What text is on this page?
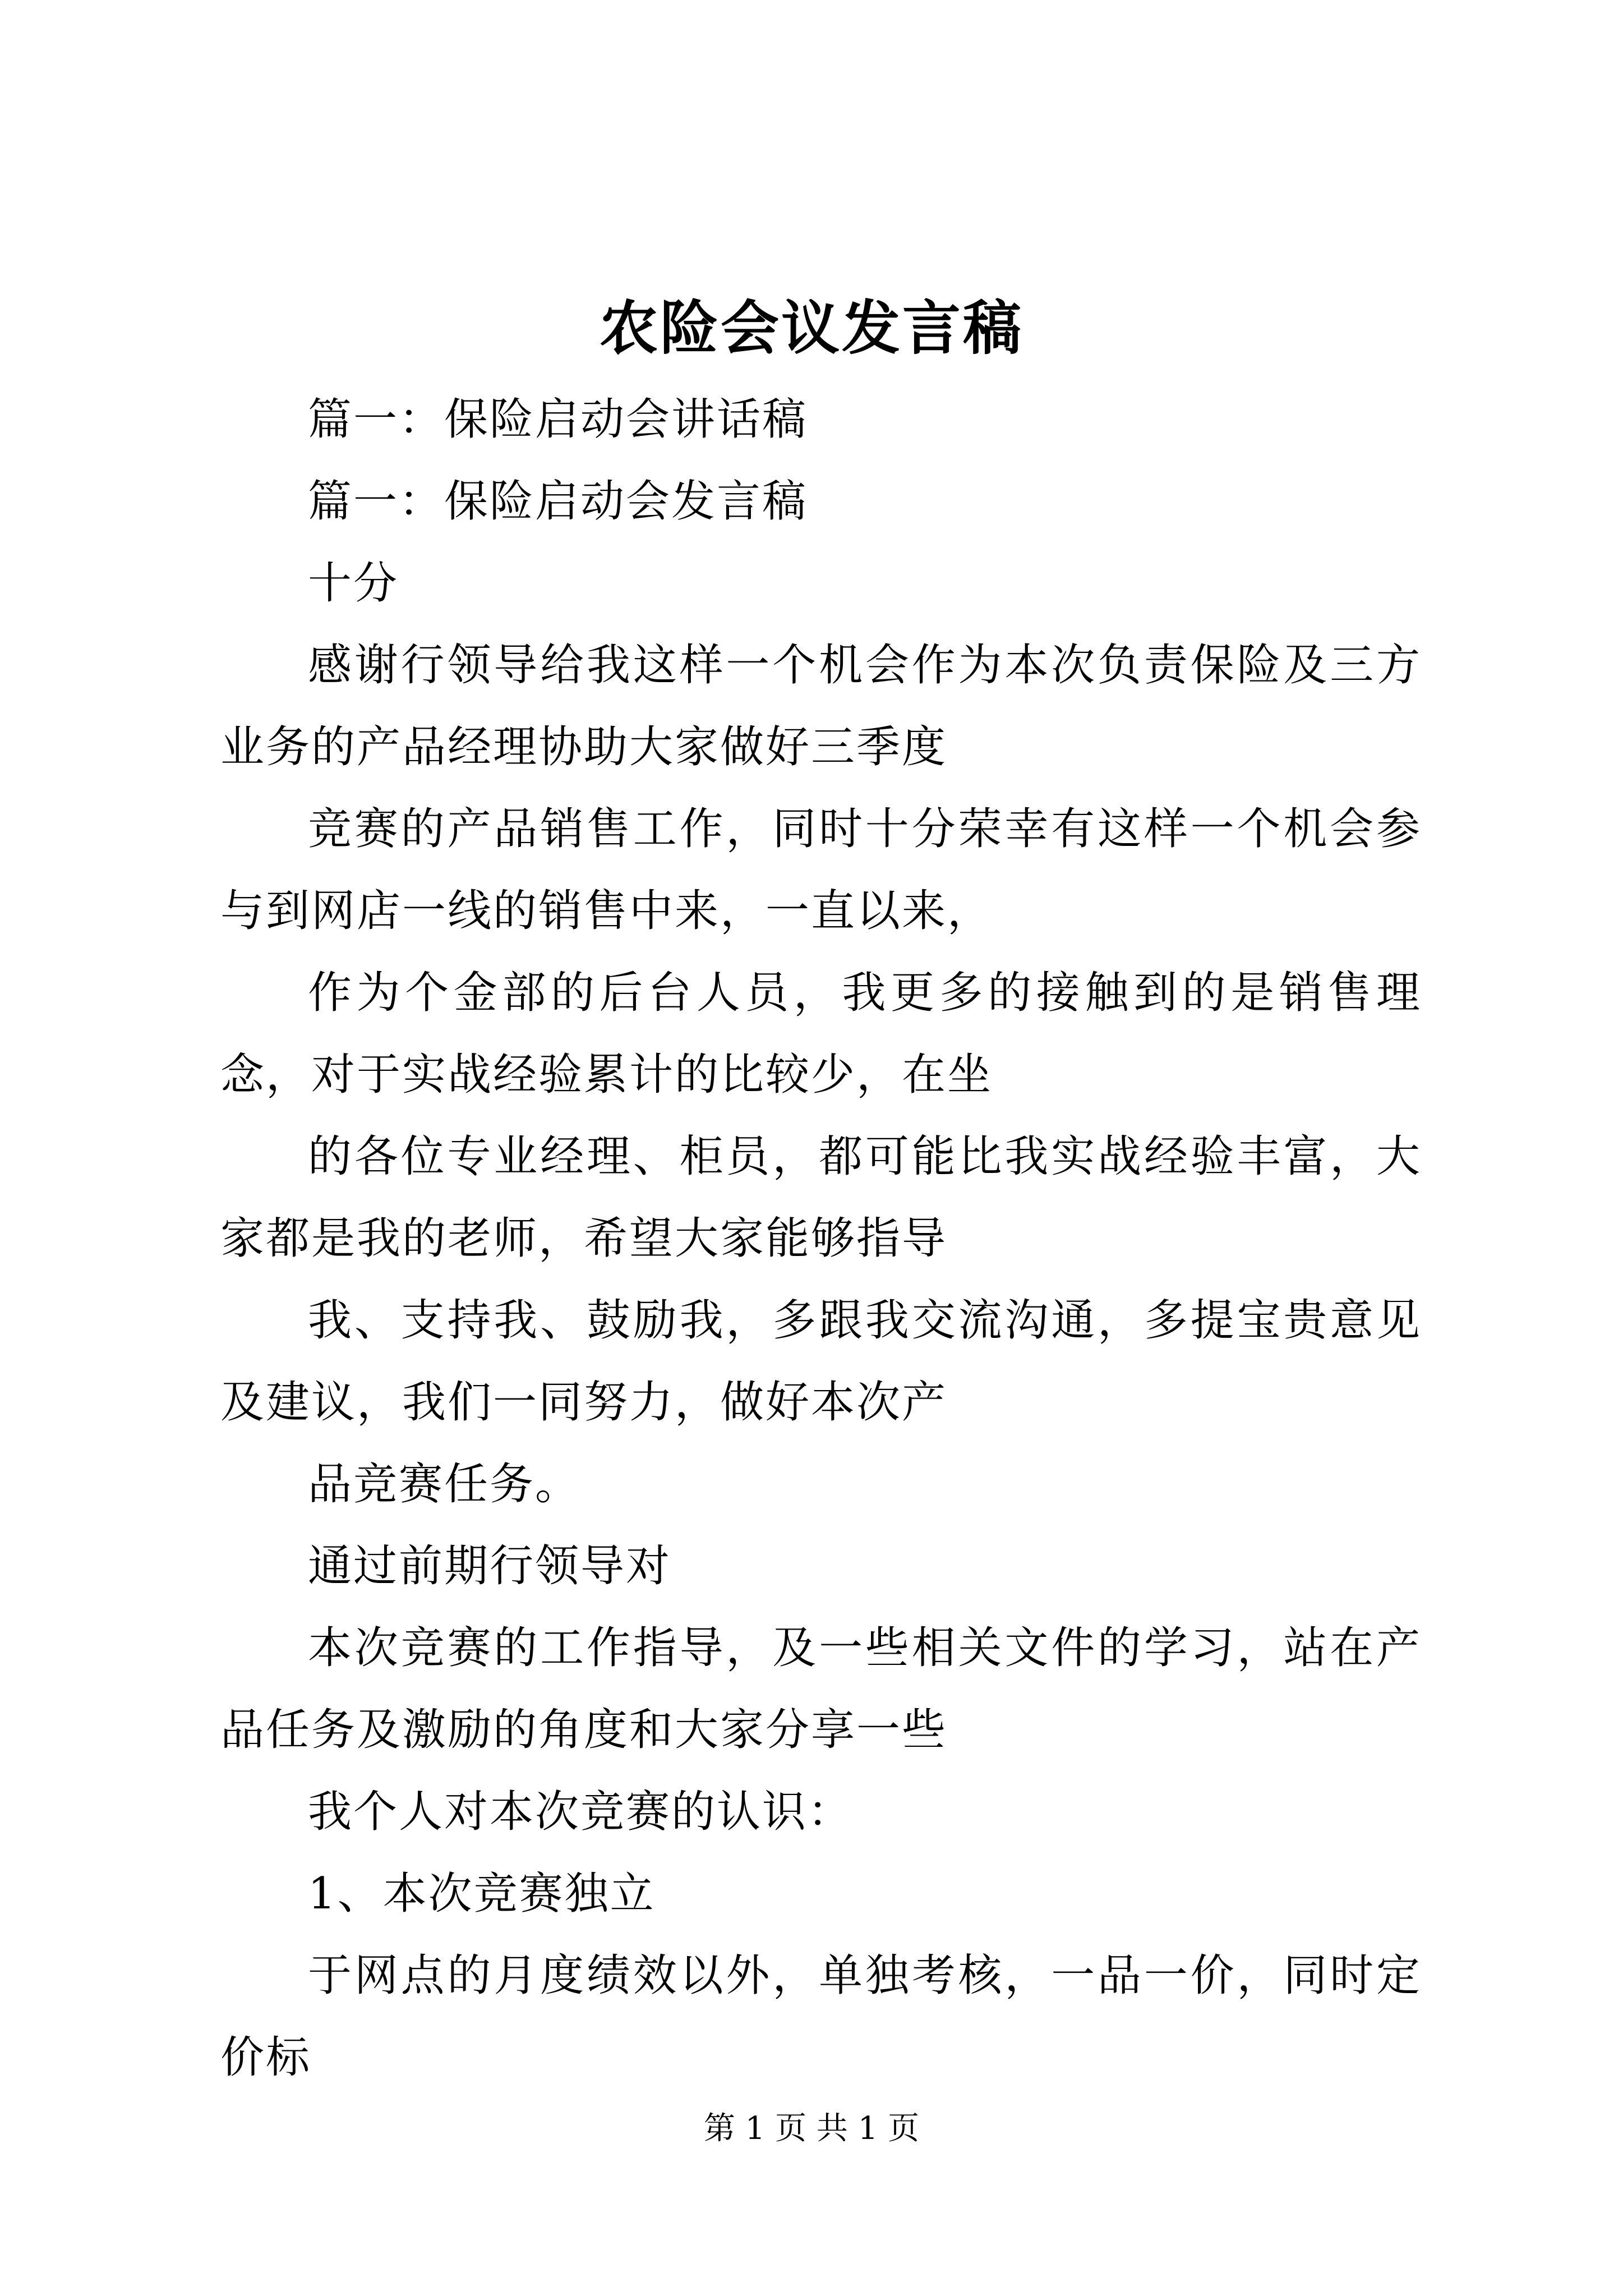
农险会议发言稿

篇一：保险启动会讲话稿

篇一：保险启动会发言稿

十分

感谢行领导给我这样一个机会作为本次负责保险及三方业务的产品经理协助大家做好三季度

竞赛的产品销售工作，同时十分荣幸有这样一个机会参与到网店一线的销售中来，一直以来，

作为个金部的后台人员，我更多的接触到的是销售理念，对于实战经验累计的比较少，在坐

的各位专业经理、柜员，都可能比我实战经验丰富，大家都是我的老师，希望大家能够指导

我、支持我、鼓励我，多跟我交流沟通，多提宝贵意见及建议，我们一同努力，做好本次产

品竞赛任务。

通过前期行领导对

本次竞赛的工作指导，及一些相关文件的学习，站在产品任务及激励的角度和大家分享一些

我个人对本次竞赛的认识：

1、本次竞赛独立

于网点的月度绩效以外，单独考核，一品一价，同时定价标

第 1 页 共 1 页
